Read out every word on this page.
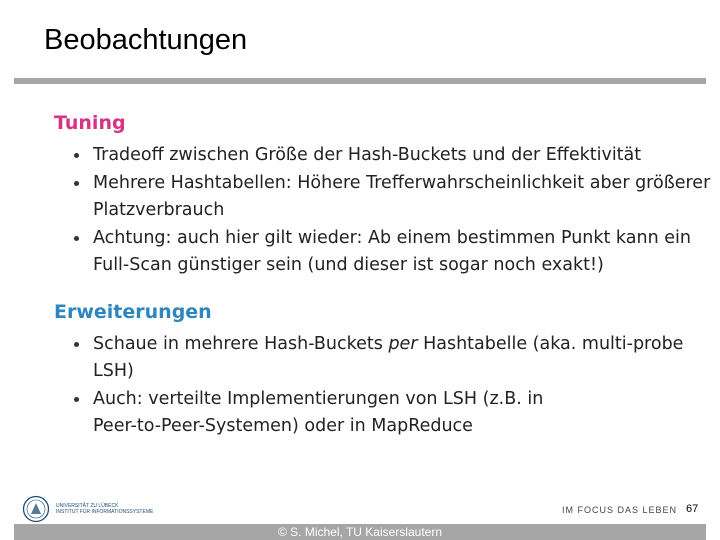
Beobachtungen
Tuning
Tradeoff zwischen Größe der Hash-Buckets und der Effektivität
Mehrere Hashtabellen: Höhere Trefferwahrscheinlichkeit aber größerer
Platzverbrauch
Achtung: auch hier gilt wieder: Ab einem bestimmen Punkt kann ein
Full-Scan günstiger sein (und dieser ist sogar noch exakt!)
Erweiterungen
Schaue in mehrere Hash-Buckets per Hashtabelle (aka. multi-probe
LSH)
Auch: verteilte Implementierungen von LSH (z.B. in
Peer-to-Peer-Systemen) oder in MapReduce
UNIVERSITÄT ZU LÜBECK
INSTITUT FÜR INFORMATIONSSYSTEME	IM FOCUS DAS LEBEN 67
© S. Michel, TU Kaiserslautern
